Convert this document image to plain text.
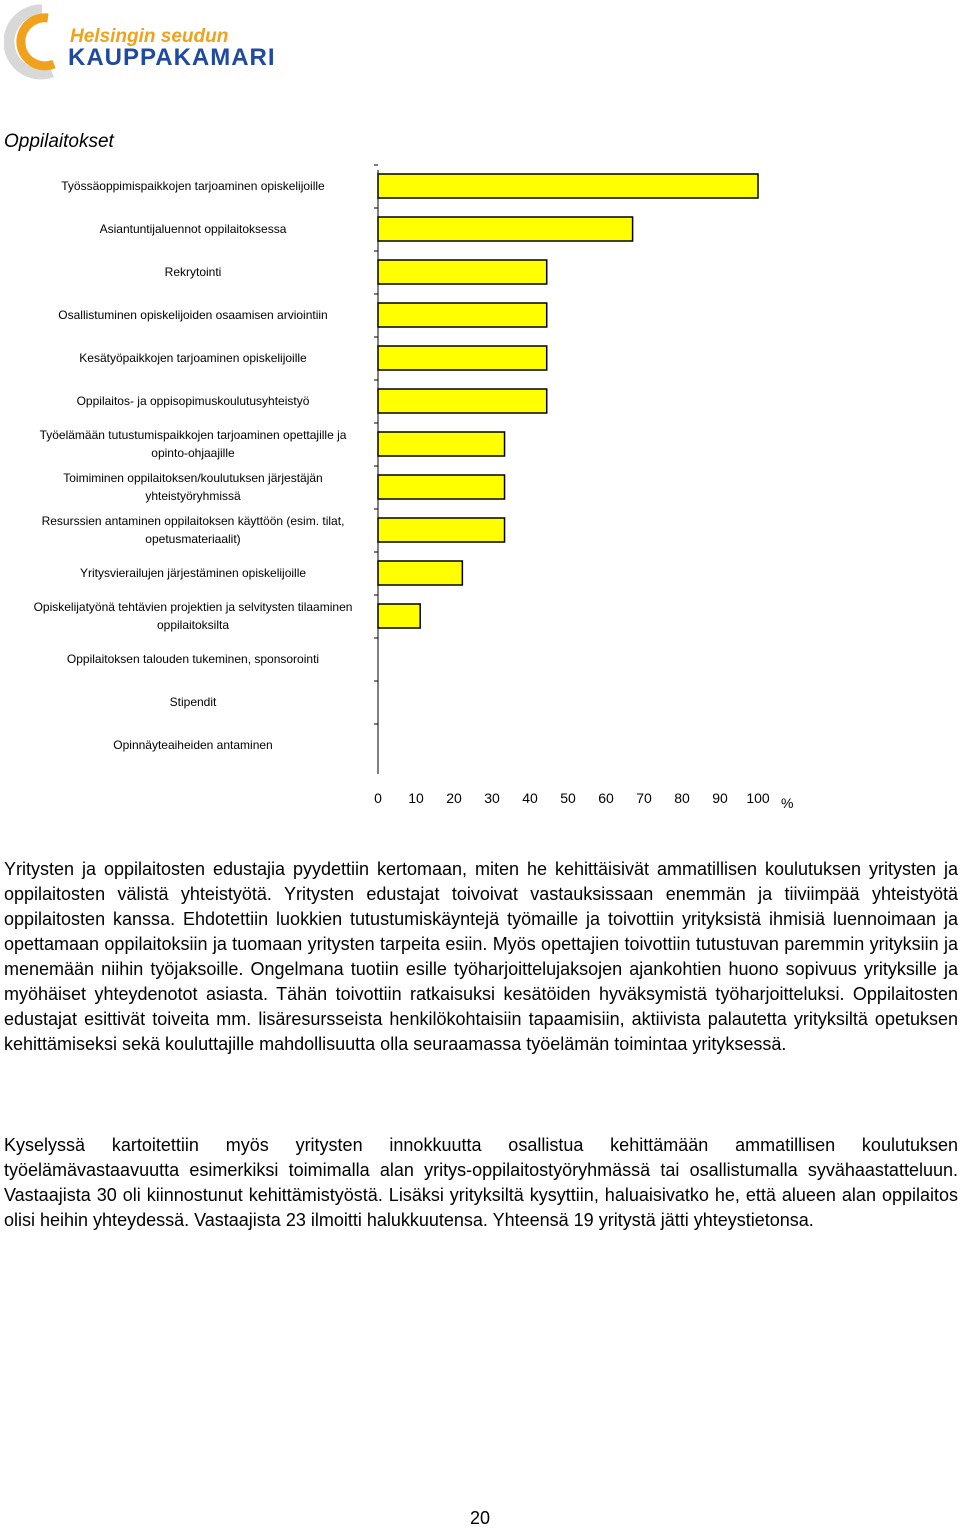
Helsingin seudun
KAUPPAKAMARI
Oppilaitokset
Työssäoppimispaikkojen tarjoaminen opiskelijoille
Asiantuntijaluennot oppilaitoksessa
Rekrytointi
Osallistuminen opiskelijoiden osaamisen arviointiin
Kesätyöpaikkojen tarjoaminen opiskelijoille
Oppilaitos- ja oppisopimuskoulutusyhteistyö
Työelämään tutustumispaikkojen tarjoaminen opettajille ja opinto-ohjaajille
Toimiminen oppilaitoksen/koulutuksen järjestäjän yhteistyöryhmissä
Resurssien antaminen oppilaitoksen käyttöön (esim. tilat, opetusmateriaalit)
Yritysvierailujen järjestäminen opiskelijoille
Opiskelijatyönä tehtävien projektien ja selvitysten tilaaminen oppilaitoksilta
Oppilaitoksen talouden tukeminen, sponsorointi
Stipendit
Opinnäyteaiheiden antaminen
0 10 20 30 40 50 60 70 80 90 100 %
Yritysten ja oppilaitosten edustajia pyydettiin kertomaan, miten he kehittäisivät ammatillisen koulutuksen yritysten ja oppilaitosten välistä yhteistyötä. Yritysten edustajat toivoivat vastauksissaan enemmän ja tiiviimpää yhteistyötä oppilaitosten kanssa. Ehdotettiin luokkien tutustumiskäyntejä työmaille ja toivottiin yrityksistä ihmisiä luennoimaan ja opettamaan oppilaitoksiin ja tuomaan yritysten tarpeita esiin. Myös opettajien toivottiin tutustuvan paremmin yrityksiin ja menemään niihin työjaksoille. Ongelmana tuotiin esille työharjoittelujaksojen ajankohtien huono sopivuus yrityksille ja myöhäiset yhteydenotot asiasta. Tähän toivottiin ratkaisuksi kesätöiden hyväksymistä työharjoitteluksi. Oppilaitosten edustajat esittivät toiveita mm. lisäresursseista henkilökohtaisiin tapaamisiin, aktiivista palautetta yrityksiltä opetuksen kehittämiseksi sekä kouluttajille mahdollisuutta olla seuraamassa työelämän toimintaa yrityksessä.
Kyselyssä kartoitettiin myös yritysten innokkuutta osallistua kehittämään ammatillisen koulutuksen työelämävastaavuutta esimerkiksi toimimalla alan yritys-oppilaitostyöryhmässä tai osallistumalla syvähaastatteluun. Vastaajista 30 oli kiinnostunut kehittämistyöstä. Lisäksi yrityksiltä kysyttiin, haluaisivatko he, että alueen alan oppilaitos olisi heihin yhteydessä. Vastaajista 23 ilmoitti halukkuutensa. Yhteensä 19 yritystä jätti yhteystietonsa.
20
